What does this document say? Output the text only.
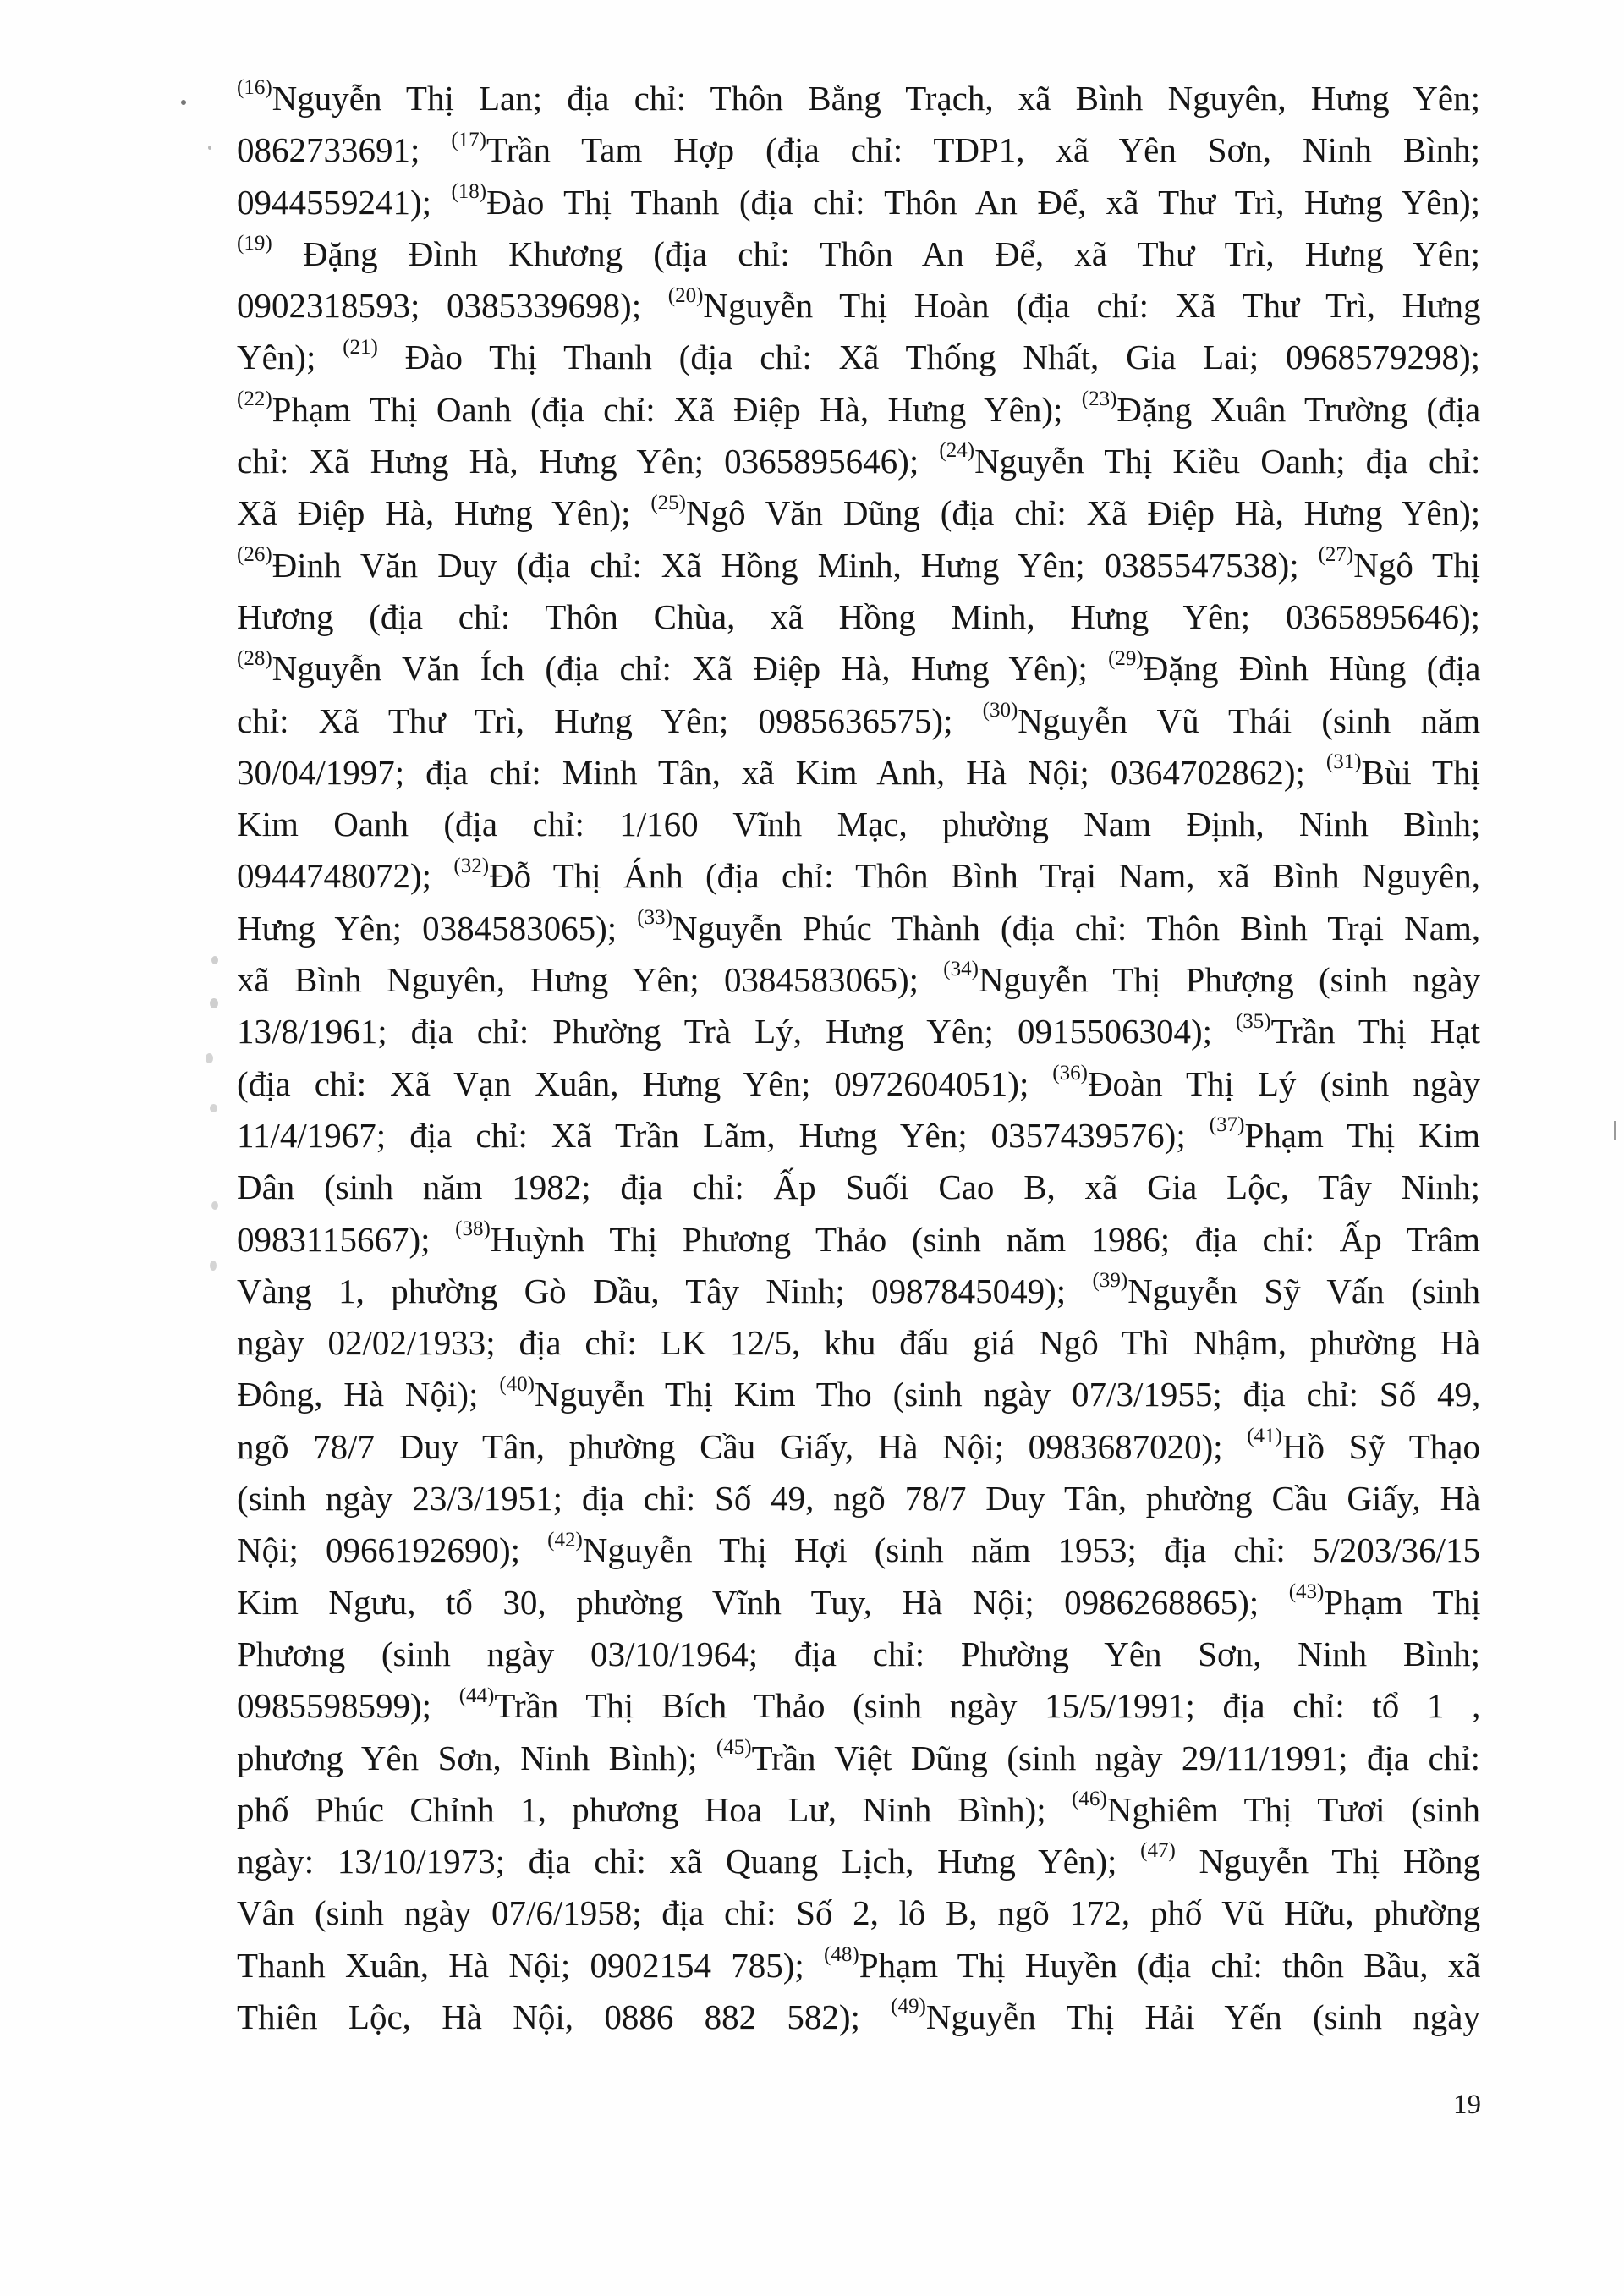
$^{(16)}$Nguyễn Thị Lan; địa chỉ: Thôn Bằng Trạch, xã Bình Nguyên, Hưng Yên;
0862733691; $^{(17)}$Trần Tam Hợp (địa chỉ: TDP1, xã Yên Sơn, Ninh Bình;
0944559241); $^{(18)}$Đào Thị Thanh (địa chỉ: Thôn An Để, xã Thư Trì, Hưng Yên);
$^{(19)}$ Đặng Đình Khương (địa chỉ: Thôn An Để, xã Thư Trì, Hưng Yên;
0902318593; 0385339698); $^{(20)}$Nguyễn Thị Hoàn (địa chỉ: Xã Thư Trì, Hưng
Yên); $^{(21)}$ Đào Thị Thanh (địa chỉ: Xã Thống Nhất, Gia Lai; 0968579298);
$^{(22)}$Phạm Thị Oanh (địa chỉ: Xã Điệp Hà, Hưng Yên); $^{(23)}$Đặng Xuân Trường (địa
chỉ: Xã Hưng Hà, Hưng Yên; 0365895646); $^{(24)}$Nguyễn Thị Kiều Oanh; địa chỉ:
Xã Điệp Hà, Hưng Yên); $^{(25)}$Ngô Văn Dũng (địa chỉ: Xã Điệp Hà, Hưng Yên);
$^{(26)}$Đinh Văn Duy (địa chỉ: Xã Hồng Minh, Hưng Yên; 0385547538); $^{(27)}$Ngô Thị
Hương (địa chỉ: Thôn Chùa, xã Hồng Minh, Hưng Yên; 0365895646);
$^{(28)}$Nguyễn Văn Ích (địa chỉ: Xã Điệp Hà, Hưng Yên); $^{(29)}$Đặng Đình Hùng (địa
chỉ: Xã Thư Trì, Hưng Yên; 0985636575); $^{(30)}$Nguyễn Vũ Thái (sinh năm
30/04/1997; địa chỉ: Minh Tân, xã Kim Anh, Hà Nội; 0364702862); $^{(31)}$Bùi Thị
Kim Oanh (địa chỉ: 1/160 Vĩnh Mạc, phường Nam Định, Ninh Bình;
0944748072); $^{(32)}$Đỗ Thị Ánh (địa chỉ: Thôn Bình Trại Nam, xã Bình Nguyên,
Hưng Yên; 0384583065); $^{(33)}$Nguyễn Phúc Thành (địa chỉ: Thôn Bình Trại Nam,
xã Bình Nguyên, Hưng Yên; 0384583065); $^{(34)}$Nguyễn Thị Phượng (sinh ngày
13/8/1961; địa chỉ: Phường Trà Lý, Hưng Yên; 0915506304); $^{(35)}$Trần Thị Hạt
(địa chỉ: Xã Vạn Xuân, Hưng Yên; 0972604051); $^{(36)}$Đoàn Thị Lý (sinh ngày
11/4/1967; địa chỉ: Xã Trần Lãm, Hưng Yên; 0357439576); $^{(37)}$Phạm Thị Kim
Dân (sinh năm 1982; địa chỉ: Ấp Suối Cao B, xã Gia Lộc, Tây Ninh;
0983115667); $^{(38)}$Huỳnh Thị Phương Thảo (sinh năm 1986; địa chỉ: Ấp Trâm
Vàng 1, phường Gò Dầu, Tây Ninh; 0987845049); $^{(39)}$Nguyễn Sỹ Vấn (sinh
ngày 02/02/1933; địa chỉ: LK 12/5, khu đấu giá Ngô Thì Nhậm, phường Hà
Đông, Hà Nội); $^{(40)}$Nguyễn Thị Kim Tho (sinh ngày 07/3/1955; địa chỉ: Số 49,
ngõ 78/7 Duy Tân, phường Cầu Giấy, Hà Nội; 0983687020); $^{(41)}$Hồ Sỹ Thạo
(sinh ngày 23/3/1951; địa chỉ: Số 49, ngõ 78/7 Duy Tân, phường Cầu Giấy, Hà
Nội; 0966192690); $^{(42)}$Nguyễn Thị Hợi (sinh năm 1953; địa chỉ: 5/203/36/15
Kim Ngưu, tổ 30, phường Vĩnh Tuy, Hà Nội; 0986268865); $^{(43)}$Phạm Thị
Phương (sinh ngày 03/10/1964; địa chỉ: Phường Yên Sơn, Ninh Bình;
0985598599); $^{(44)}$Trần Thị Bích Thảo (sinh ngày 15/5/1991; địa chỉ: tổ 1 ,
phương Yên Sơn, Ninh Bình); $^{(45)}$Trần Việt Dũng (sinh ngày 29/11/1991; địa chỉ:
phố Phúc Chỉnh 1, phương Hoa Lư, Ninh Bình); $^{(46)}$Nghiêm Thị Tươi (sinh
ngày: 13/10/1973; địa chỉ: xã Quang Lịch, Hưng Yên); $^{(47)}$ Nguyễn Thị Hồng
Vân (sinh ngày 07/6/1958; địa chỉ: Số 2, lô B, ngõ 172, phố Vũ Hữu, phường
Thanh Xuân, Hà Nội; 0902154 785); $^{(48)}$Phạm Thị Huyền (địa chỉ: thôn Bầu, xã
Thiên Lộc, Hà Nội, 0886 882 582); $^{(49)}$Nguyễn Thị Hải Yến (sinh ngày
19
